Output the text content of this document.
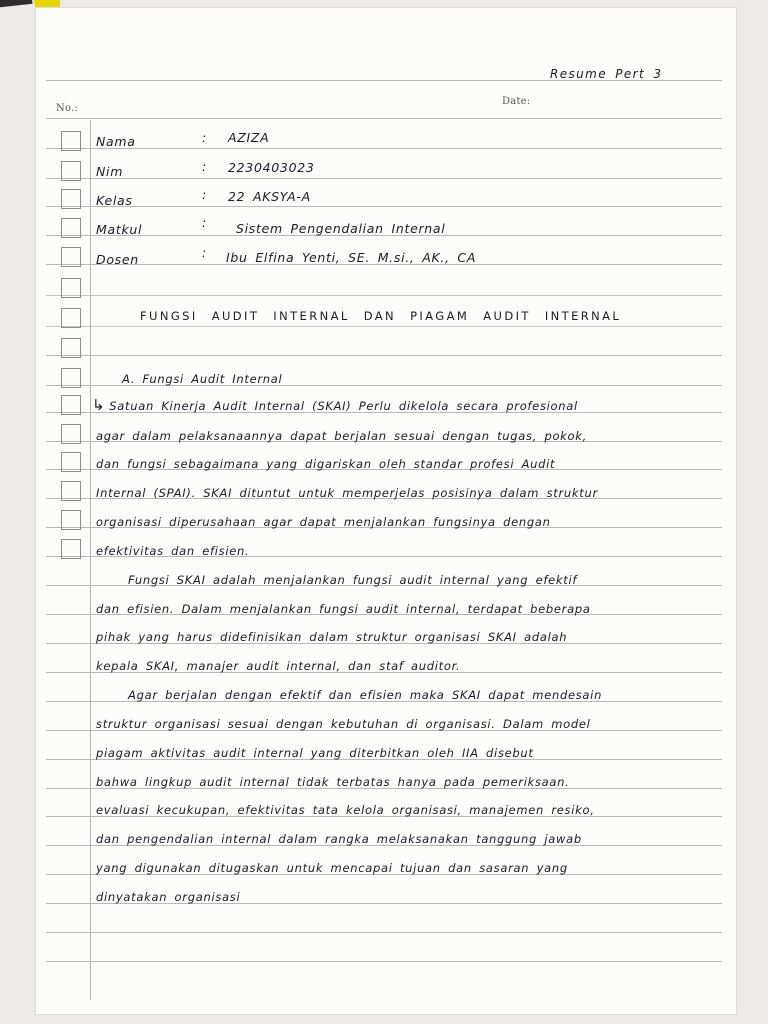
No.:
Date:
Resume Pert 3
Nama	: AZIZA
Nim	: 2230403023
Kelas	: 22 AKSYA-A
Matkul	: Sistem Pengendalian Internal
Dosen	: Ibu Elfina Yenti, SE. M.si., AK., CA
FUNGSI AUDIT INTERNAL DAN PIAGAM AUDIT INTERNAL
A. Fungsi Audit Internal
↳ Satuan Kinerja Audit Internal (SKAI) Perlu dikelola secara profesional
agar dalam pelaksanaannya dapat berjalan sesuai dengan tugas, pokok,
dan fungsi sebagaimana yang digariskan oleh standar profesi Audit
Internal (SPAI). SKAI dituntut untuk memperjelas posisinya dalam struktur
organisasi diperusahaan agar dapat menjalankan fungsinya dengan
efektivitas dan efisien.
Fungsi SKAI adalah menjalankan fungsi audit internal yang efektif
dan efisien. Dalam menjalankan fungsi audit internal, terdapat beberapa
pihak yang harus didefinisikan dalam struktur organisasi SKAI adalah
kepala SKAI, manajer audit internal, dan staf auditor.
Agar berjalan dengan efektif dan efisien maka SKAI dapat mendesain
struktur organisasi sesuai dengan kebutuhan di organisasi. Dalam model
piagam aktivitas audit internal yang diterbitkan oleh IIA disebut
bahwa lingkup audit internal tidak terbatas hanya pada pemeriksaan.
evaluasi kecukupan, efektivitas tata kelola organisasi, manajemen resiko,
dan pengendalian internal dalam rangka melaksanakan tanggung jawab
yang digunakan ditugaskan untuk mencapai tujuan dan sasaran yang
dinyatakan organisasi
